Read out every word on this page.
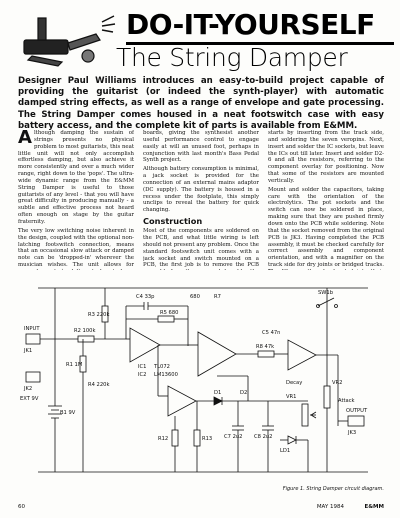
DO-IT-YOURSELF
The String Damper

Designer Paul Williams introduces an easy-to-build project capable of providing the guitarist (or indeed the synth-player) with automatic damped string effects, as well as a range of envelope and gate processing. The String Damper comes housed in a neat footswitch case with easy battery access, and the complete kit of parts is available from E&MM.

Although damping the sustain of strings presents no physical problem to most guitarists, this neat little unit will not only accomplish effortless damping, but also achieve it more consistently and over a much wider range, right down to the 'pops'. The ultra-wide dynamic range from the E&MM String Damper is useful to those guitarists of any level - that you will have great difficulty in producing manually - a subtle and effective process not heard often enough on stage by the guitar fraternity.

The very low switching noise inherent in the design, coupled with the optional non-latching footswitch connection, means that an occasional slow attack or damped note can be 'dropped-in' wherever the musician wishes. The unit allows for

boards, giving the synthesist another useful performance control to engage easily at will an unused foot, perhaps in conjunction with last month's Bass Pedal Synth project.

Although battery consumption is minimal, a jack socket is provided for the connection of an external mains adaptor (DC supply). The battery is housed in a recess under the footplate, this simply unclips to reveal the battery for quick changing.

Construction

Most of the components are soldered on the PCB, and what little wiring is left should not present any problem. Once the standard footswitch unit comes with a jack socket and switch mounted on a PCB, the first job is to remove the PCB

starts by inserting from the track side, and soldering the seven veropins. Next, insert and solder the IC sockets, but leave the ICs out till later. Insert and solder D2-6 and all the resistors, referring to the component overlay for positioning. Now that some of the resistors are mounted vertically.

Mount and solder the capacitors, taking care with the orientation of the electrolytics. The pot sockets and the switch can now be soldered in place, making sure that they are pushed firmly down onto the PCB while soldering. Note that the socket removed from the original PCB is JK3. Having completed the PCB assembly, it must be checked carefully for correct assembly and component orientation, and with a magnifier on the track side for dry joints or bridged tracks.

INPUT
JK1
JK2
EXT 9V
B1 9V
R2 100k
R1 1M
R3 220k
R4 220k
C4 33p
R5 680
680	R7
R8 47k
IC1 TL072
IC2 LM13600
C5 47n
D1	D2
C7 2u2 C8 2u2
R12	R13
VR1
VR2
Decay
Attack
SW1b
LD1
OUTPUT
JK3
Figure 1. String Damper circuit diagram.
60	MAY 1984	E&MM
